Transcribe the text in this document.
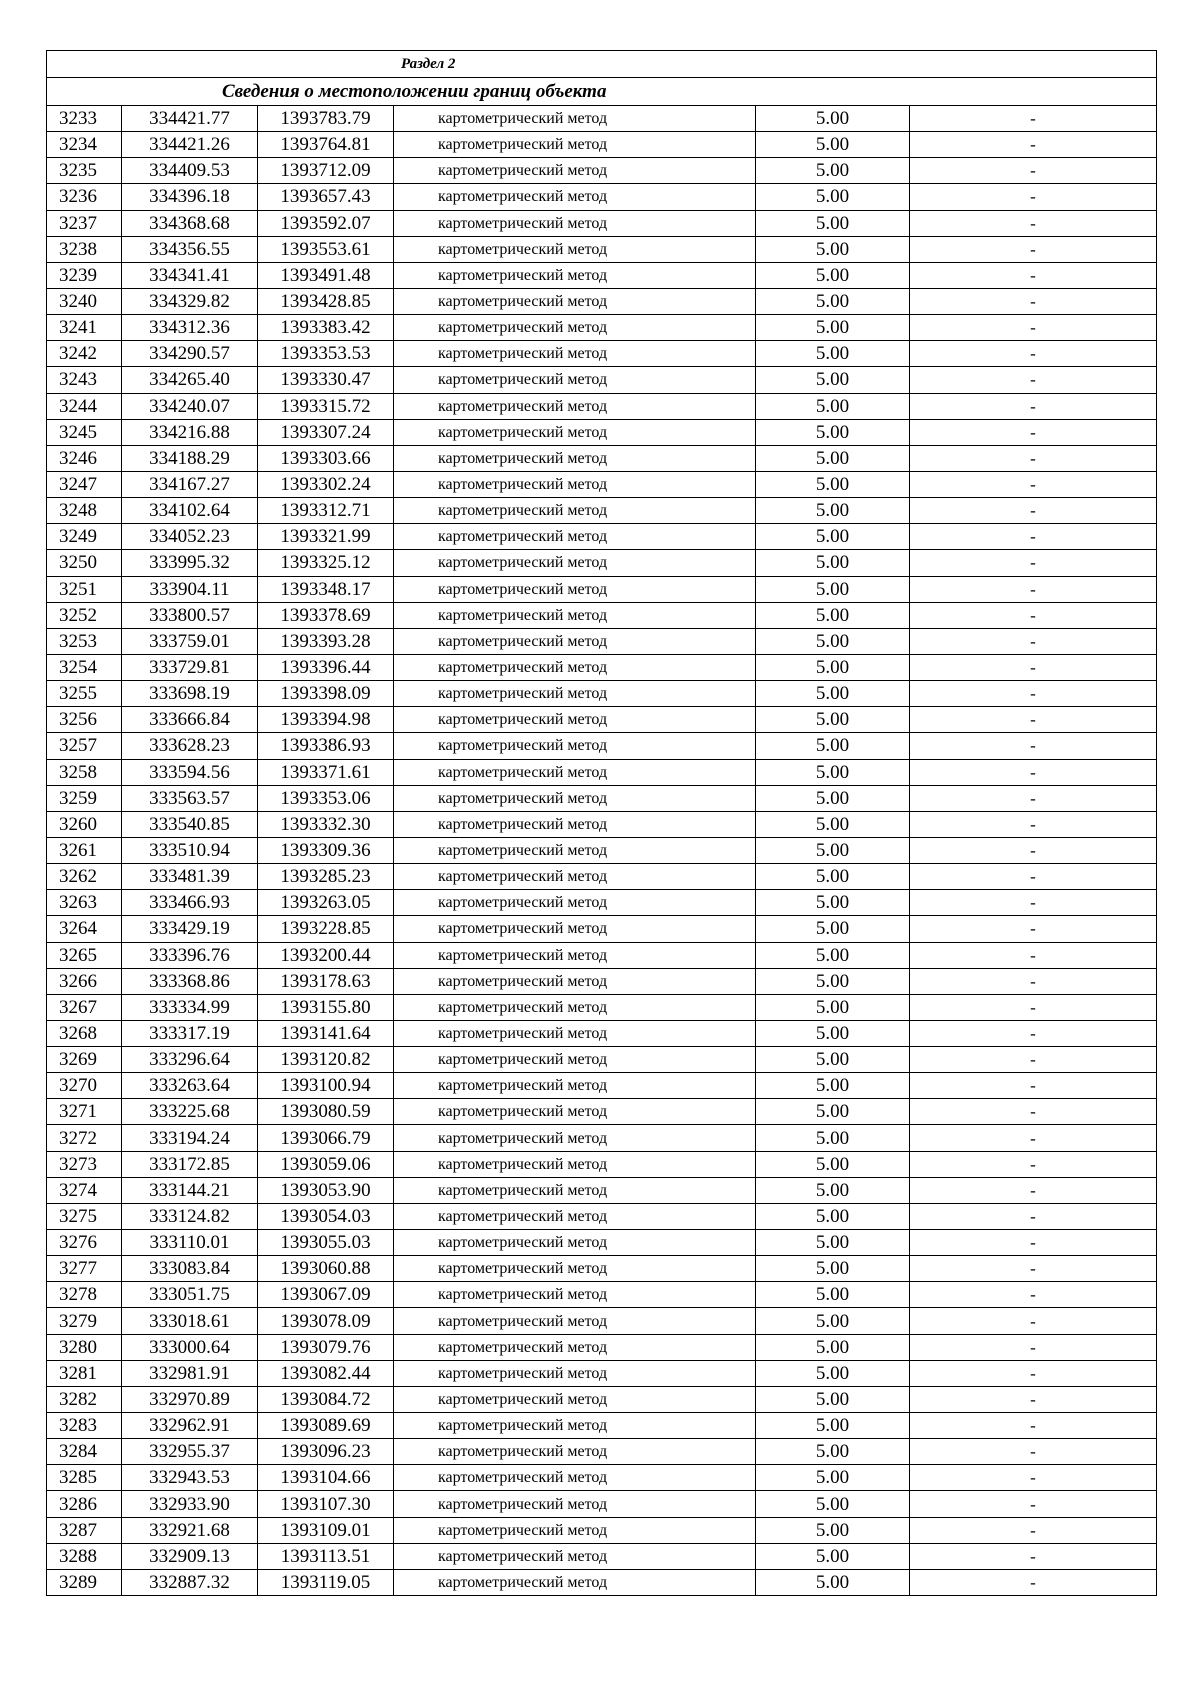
Раздел 2					
Сведения о местоположении границ объекта					
3233	334421.77	1393783.79	картометрический метод	5.00	-
3234	334421.26	1393764.81	картометрический метод	5.00	-
3235	334409.53	1393712.09	картометрический метод	5.00	-
3236	334396.18	1393657.43	картометрический метод	5.00	-
3237	334368.68	1393592.07	картометрический метод	5.00	-
3238	334356.55	1393553.61	картометрический метод	5.00	-
3239	334341.41	1393491.48	картометрический метод	5.00	-
3240	334329.82	1393428.85	картометрический метод	5.00	-
3241	334312.36	1393383.42	картометрический метод	5.00	-
3242	334290.57	1393353.53	картометрический метод	5.00	-
3243	334265.40	1393330.47	картометрический метод	5.00	-
3244	334240.07	1393315.72	картометрический метод	5.00	-
3245	334216.88	1393307.24	картометрический метод	5.00	-
3246	334188.29	1393303.66	картометрический метод	5.00	-
3247	334167.27	1393302.24	картометрический метод	5.00	-
3248	334102.64	1393312.71	картометрический метод	5.00	-
3249	334052.23	1393321.99	картометрический метод	5.00	-
3250	333995.32	1393325.12	картометрический метод	5.00	-
3251	333904.11	1393348.17	картометрический метод	5.00	-
3252	333800.57	1393378.69	картометрический метод	5.00	-
3253	333759.01	1393393.28	картометрический метод	5.00	-
3254	333729.81	1393396.44	картометрический метод	5.00	-
3255	333698.19	1393398.09	картометрический метод	5.00	-
3256	333666.84	1393394.98	картометрический метод	5.00	-
3257	333628.23	1393386.93	картометрический метод	5.00	-
3258	333594.56	1393371.61	картометрический метод	5.00	-
3259	333563.57	1393353.06	картометрический метод	5.00	-
3260	333540.85	1393332.30	картометрический метод	5.00	-
3261	333510.94	1393309.36	картометрический метод	5.00	-
3262	333481.39	1393285.23	картометрический метод	5.00	-
3263	333466.93	1393263.05	картометрический метод	5.00	-
3264	333429.19	1393228.85	картометрический метод	5.00	-
3265	333396.76	1393200.44	картометрический метод	5.00	-
3266	333368.86	1393178.63	картометрический метод	5.00	-
3267	333334.99	1393155.80	картометрический метод	5.00	-
3268	333317.19	1393141.64	картометрический метод	5.00	-
3269	333296.64	1393120.82	картометрический метод	5.00	-
3270	333263.64	1393100.94	картометрический метод	5.00	-
3271	333225.68	1393080.59	картометрический метод	5.00	-
3272	333194.24	1393066.79	картометрический метод	5.00	-
3273	333172.85	1393059.06	картометрический метод	5.00	-
3274	333144.21	1393053.90	картометрический метод	5.00	-
3275	333124.82	1393054.03	картометрический метод	5.00	-
3276	333110.01	1393055.03	картометрический метод	5.00	-
3277	333083.84	1393060.88	картометрический метод	5.00	-
3278	333051.75	1393067.09	картометрический метод	5.00	-
3279	333018.61	1393078.09	картометрический метод	5.00	-
3280	333000.64	1393079.76	картометрический метод	5.00	-
3281	332981.91	1393082.44	картометрический метод	5.00	-
3282	332970.89	1393084.72	картометрический метод	5.00	-
3283	332962.91	1393089.69	картометрический метод	5.00	-
3284	332955.37	1393096.23	картометрический метод	5.00	-
3285	332943.53	1393104.66	картометрический метод	5.00	-
3286	332933.90	1393107.30	картометрический метод	5.00	-
3287	332921.68	1393109.01	картометрический метод	5.00	-
3288	332909.13	1393113.51	картометрический метод	5.00	-
3289	332887.32	1393119.05	картометрический метод	5.00	-
